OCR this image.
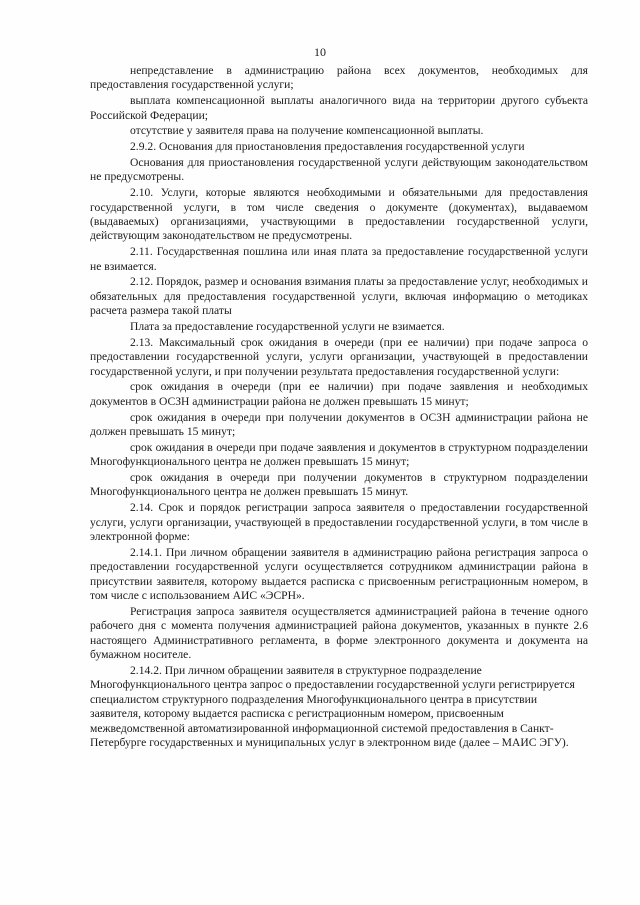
10

непредставление в администрацию района всех документов, необходимых для предоставления государственной услуги;

выплата компенсационной выплаты аналогичного вида на территории другого субъекта Российской Федерации;

отсутствие у заявителя права на получение компенсационной выплаты.

2.9.2. Основания для приостановления предоставления государственной услуги

Основания для приостановления государственной услуги действующим законодательством не предусмотрены.

2.10. Услуги, которые являются необходимыми и обязательными для предоставления государственной услуги, в том числе сведения о документе (документах), выдаваемом (выдаваемых) организациями, участвующими в предоставлении государственной услуги, действующим законодательством не предусмотрены.

2.11. Государственная пошлина или иная плата за предоставление государственной услуги не взимается.

2.12. Порядок, размер и основания взимания платы за предоставление услуг, необходимых и обязательных для предоставления государственной услуги, включая информацию о методиках расчета размера такой платы

Плата за предоставление государственной услуги не взимается.

2.13. Максимальный срок ожидания в очереди (при ее наличии) при подаче запроса о предоставлении государственной услуги, услуги организации, участвующей в предоставлении государственной услуги, и при получении результата предоставления государственной услуги:

срок ожидания в очереди (при ее наличии) при подаче заявления и необходимых документов в ОСЗН администрации района не должен превышать 15 минут;

срок ожидания в очереди при получении документов в ОСЗН администрации района не должен превышать 15 минут;

срок ожидания в очереди при подаче заявления и документов в структурном подразделении Многофункционального центра не должен превышать 15 минут;

срок ожидания в очереди при получении документов в структурном подразделении Многофункционального центра не должен превышать 15 минут.

2.14. Срок и порядок регистрации запроса заявителя о предоставлении государственной услуги, услуги организации, участвующей в предоставлении государственной услуги, в том числе в электронной форме:

2.14.1. При личном обращении заявителя в администрацию района регистрация запроса о предоставлении государственной услуги осуществляется сотрудником администрации района в присутствии заявителя, которому выдается расписка с присвоенным регистрационным номером, в том числе с использованием АИС «ЭСРН».

Регистрация запроса заявителя осуществляется администрацией района в течение одного рабочего дня с момента получения администрацией района документов, указанных в пункте 2.6 настоящего Административного регламента, в форме электронного документа и документа на бумажном носителе.

2.14.2. При личном обращении заявителя в структурное подразделение Многофункционального центра запрос о предоставлении государственной услуги регистрируется специалистом структурного подразделения Многофункционального центра в присутствии заявителя, которому выдается расписка с регистрационным номером, присвоенным межведомственной автоматизированной информационной системой предоставления в Санкт-Петербурге государственных и муниципальных услуг в электронном виде (далее – МАИС ЭГУ).
